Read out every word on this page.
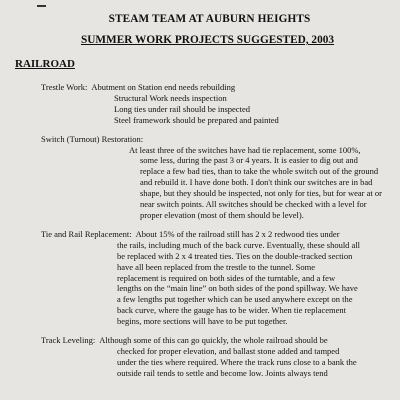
STEAM TEAM AT AUBURN HEIGHTS
SUMMER WORK PROJECTS SUGGESTED, 2003
RAILROAD
Trestle Work: Abutment on Station end needs rebuilding
Structural Work needs inspection
Long ties under rail should be inspected
Steel framework should be prepared and painted
Switch (Turnout) Restoration:
At least three of the switches have had tie replacement, some 100%,
some less, during the past 3 or 4 years. It is easier to dig out and
replace a few bad ties, than to take the whole switch out of the ground
and rebuild it. I have done both. I don't think our switches are in bad
shape, but they should be inspected, not only for ties, but for wear at or
near switch points. All switches should be checked with a level for
proper elevation (most of them should be level).
Tie and Rail Replacement: About 15% of the railroad still has 2 x 2 redwood ties under
the rails, including much of the back curve. Eventually, these should all
be replaced with 2 x 4 treated ties. Ties on the double-tracked section
have all been replaced from the trestle to the tunnel. Some
replacement is required on both sides of the turntable, and a few
lengths on the “main line” on both sides of the pond spillway. We have
a few lengths put together which can be used anywhere except on the
back curve, where the gauge has to be wider. When tie replacement
begins, more sections will have to be put together.
Track Leveling: Although some of this can go quickly, the whole railroad should be
checked for proper elevation, and ballast stone added and tamped
under the ties where required. Where the track runs close to a bank the
outside rail tends to settle and become low. Joints always tend
